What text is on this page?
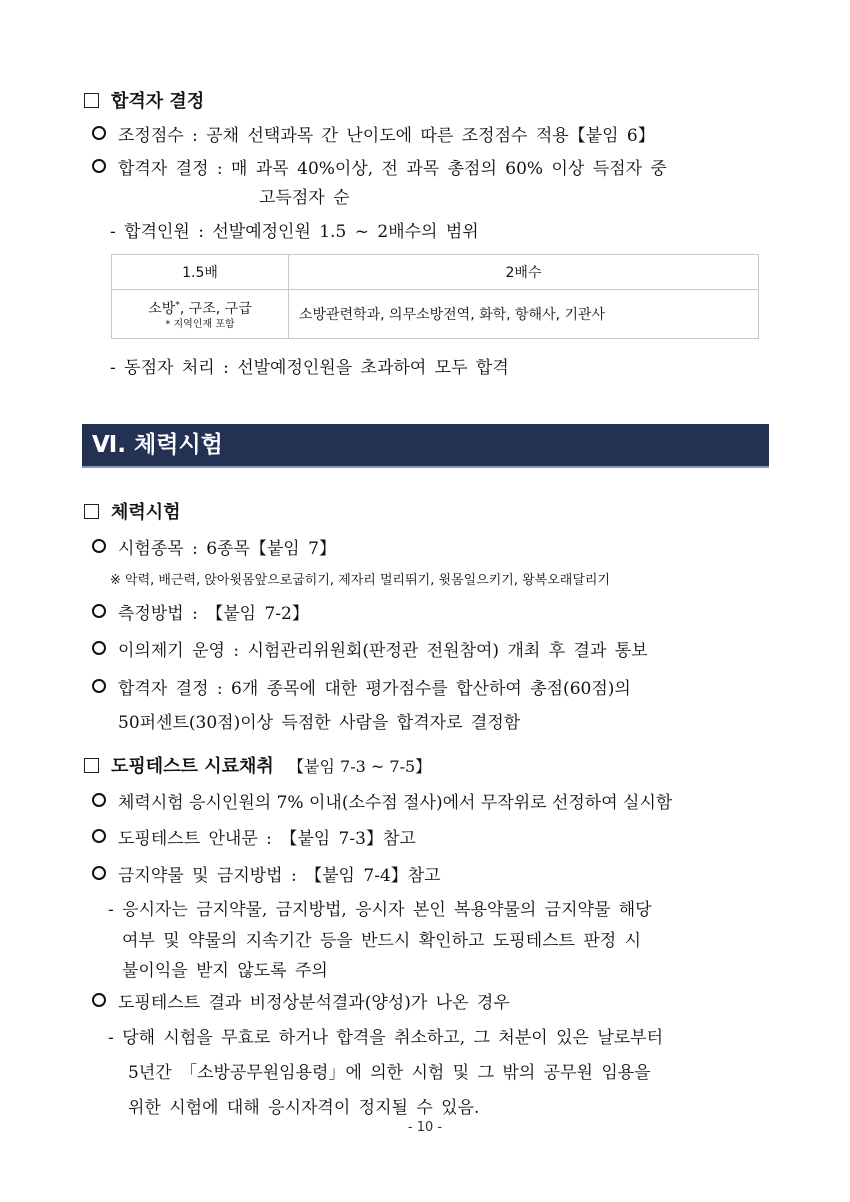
합격자 결정
조정점수 : 공채 선택과목 간 난이도에 따른 조정점수 적용【붙임 6】
합격자 결정 : 매 과목 40%이상, 전 과목 총점의 60% 이상 득점자 중
고득점자 순
- 합격인원 : 선발예정인원 1.5 ~ 2배수의 범위
1.5배	2배수
소방*, 구조, 구급
* 지역인재 포함	소방관련학과, 의무소방전역, 화학, 항해사, 기관사
- 동점자 처리 : 선발예정인원을 초과하여 모두 합격
Ⅵ. 체력시험
체력시험
시험종목 : 6종목【붙임 7】
※ 악력, 배근력, 앉아윗몸앞으로굽히기, 제자리 멀리뛰기, 윗몸일으키기, 왕복오래달리기
측정방법 : 【붙임 7-2】
이의제기 운영 : 시험관리위원회(판정관 전원참여) 개최 후 결과 통보
합격자 결정 : 6개 종목에 대한 평가점수를 합산하여 총점(60점)의
50퍼센트(30점)이상 득점한 사람을 합격자로 결정함
도핑테스트 시료채취 【붙임 7-3 ~ 7-5】
체력시험 응시인원의 7% 이내(소수점 절사)에서 무작위로 선정하여 실시함
도핑테스트 안내문 : 【붙임 7-3】참고
금지약물 및 금지방법 : 【붙임 7-4】참고
- 응시자는 금지약물, 금지방법, 응시자 본인 복용약물의 금지약물 해당
여부 및 약물의 지속기간 등을 반드시 확인하고 도핑테스트 판정 시
불이익을 받지 않도록 주의
도핑테스트 결과 비정상분석결과(양성)가 나온 경우
- 당해 시험을 무효로 하거나 합격을 취소하고, 그 처분이 있은 날로부터
5년간 「소방공무원임용령」에 의한 시험 및 그 밖의 공무원 임용을
위한 시험에 대해 응시자격이 정지될 수 있음.
- 10 -
